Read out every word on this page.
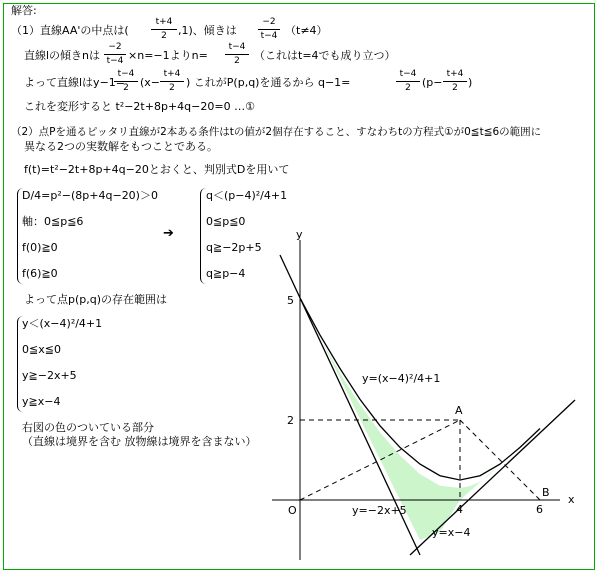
解答:
（1）直線AA'の中点は(
t+4
2	,1)、傾きは
−2
t−4 （t≠4）
直線lの傾きnは
−2
t−4 ×n=−1よりn=
t−4
2	（これはt=4でも成り立つ）
よって直線lはy−1=
t−4
2	(x−
t+4
2	) これがP(p,q)を通るから q−1=
t−4
2	(p−
t+4
2 )
これを変形すると t²−2t+8p+4q−20=0 …①
（2）点Pを通るピッタリ直線が2本ある条件はtの値が2個存在すること、すなわちtの方程式①が0≦t≦6の範囲に
異なる2つの実数解をもつことである。
f(t)=t²−2t+8p+4q−20とおくと、判別式Dを用いて
D/4=p²−(8p+4q−20)＞0
軸：0≦p≦6
f(0)≧0
f(6)≧0
➔
q＜(p−4)²/4+1
0≦p≦0
q≧−2p+5
q≧p−4
よって点p(p,q)の存在範囲は
y＜(x−4)²/4+1
0≦x≦0
y≧−2x+5
y≧x−4
右図の色のついている部分
（直線は境界を含む 放物線は境界を含まない）
x
y
O
5
2
4	6
A
B
y=(x−4)²/4+1
y=−2x+5
y=x−4
